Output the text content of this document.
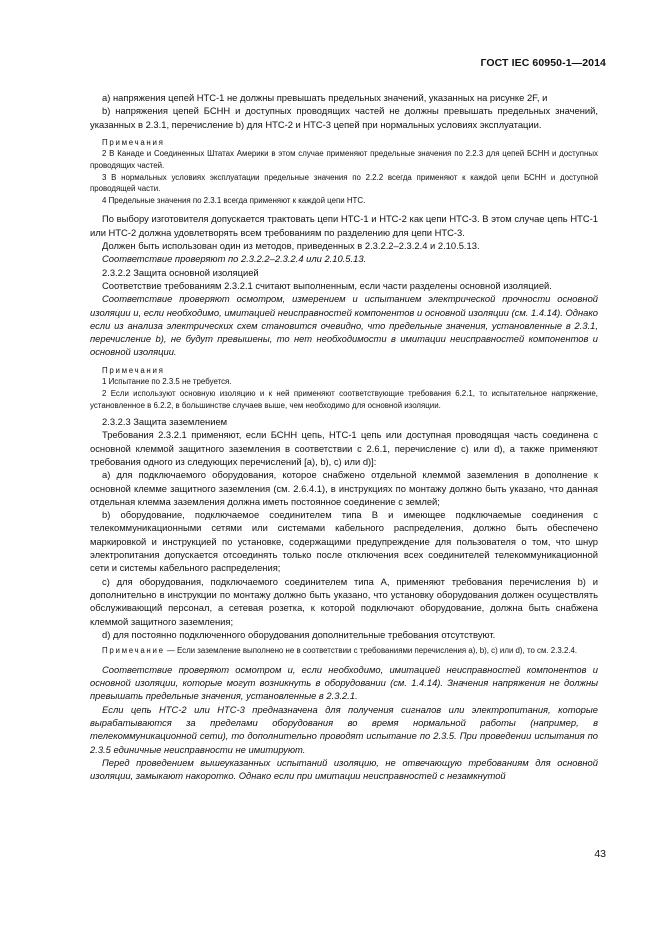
ГОСТ IEC 60950-1—2014

a) напряжения цепей НТС-1 не должны превышать предельных значений, указанных на рисунке 2F, и

b) напряжения цепей БСНН и доступных проводящих частей не должны превышать предельных значений, указанных в 2.3.1, перечисление b) для НТС-2 и НТС-3 цепей при нормальных условиях эксплуатации.

Примечания

2 В Канаде и Соединенных Штатах Америки в этом случае применяют предельные значения по 2.2.3 для цепей БСНН и доступных проводящих частей.

3 В нормальных условиях эксплуатации предельные значения по 2.2.2 всегда применяют к каждой цепи БСНН и доступной проводящей части.

4 Предельные значения по 2.3.1 всегда применяют к каждой цепи НТС.

По выбору изготовителя допускается трактовать цепи НТС-1 и НТС-2 как цепи НТС-3. В этом случае цепь НТС-1 или НТС-2 должна удовлетворять всем требованиям по разделению для цепи НТС-3.

Должен быть использован один из методов, приведенных в 2.3.2.2–2.3.2.4 и 2.10.5.13.

Соответствие проверяют по 2.3.2.2–2.3.2.4 или 2.10.5.13.

2.3.2.2 Защита основной изоляцией

Соответствие требованиям 2.3.2.1 считают выполненным, если части разделены основной изоляцией.

Соответствие проверяют осмотром, измерением и испытанием электрической прочности основной изоляции и, если необходимо, имитацией неисправностей компонентов и основной изоляции (см. 1.4.14). Однако если из анализа электрических схем становится очевидно, что предельные значения, установленные в 2.3.1, перечисление b), не будут превышены, то нет необходимости в имитации неисправностей компонентов и основной изоляции.

Примечания

1 Испытание по 2.3.5 не требуется.

2 Если используют основную изоляцию и к ней применяют соответствующие требования 6.2.1, то испытательное напряжение, установленное в 6.2.2, в большинстве случаев выше, чем необходимо для основной изоляции.

2.3.2.3 Защита заземлением

Требования 2.3.2.1 применяют, если БСНН цепь, НТС-1 цепь или доступная проводящая часть соединена с основной клеммой защитного заземления в соответствии с 2.6.1, перечисление с) или d), а также применяют требования одного из следующих перечислений [a), b), c) или d)]:

а) для подключаемого оборудования, которое снабжено отдельной клеммой заземления в дополнение к основной клемме защитного заземления (см. 2.6.4.1), в инструкциях по монтажу должно быть указано, что данная отдельная клемма заземления должна иметь постоянное соединение с землей;

b) оборудование, подключаемое соединителем типа В и имеющее подключаемые соединения с телекоммуникационными сетями или системами кабельного распределения, должно быть обеспечено маркировкой и инструкцией по установке, содержащими предупреждение для пользователя о том, что шнур электропитания допускается отсоединять только после отключения всех соединителей телекоммуникационной сети и системы кабельного распределения;

c) для оборудования, подключаемого соединителем типа А, применяют требования перечисления b) и дополнительно в инструкции по монтажу должно быть указано, что установку оборудования должен осуществлять обслуживающий персонал, а сетевая розетка, к которой подключают оборудование, должна быть снабжена клеммой защитного заземления;

d) для постоянно подключенного оборудования дополнительные требования отсутствуют.

Примечание — Если заземление выполнено не в соответствии с требованиями перечисления а), b), с) или d), то см. 2.3.2.4.

Соответствие проверяют осмотром и, если необходимо, имитацией неисправностей компонентов и основной изоляции, которые могут возникнуть в оборудовании (см. 1.4.14). Значения напряжения не должны превышать предельные значения, установленные в 2.3.2.1.

Если цепь НТС-2 или НТС-3 предназначена для получения сигналов или электропитания, которые вырабатываются за пределами оборудования во время нормальной работы (например, в телекоммуникационной сети), то дополнительно проводят испытание по 2.3.5. При проведении испытания по 2.3.5 единичные неисправности не имитируют.

Перед проведением вышеуказанных испытаний изоляцию, не отвечающую требованиям для основной изоляции, замыкают накоротко. Однако если при имитации неисправностей с незамкнутой

43
